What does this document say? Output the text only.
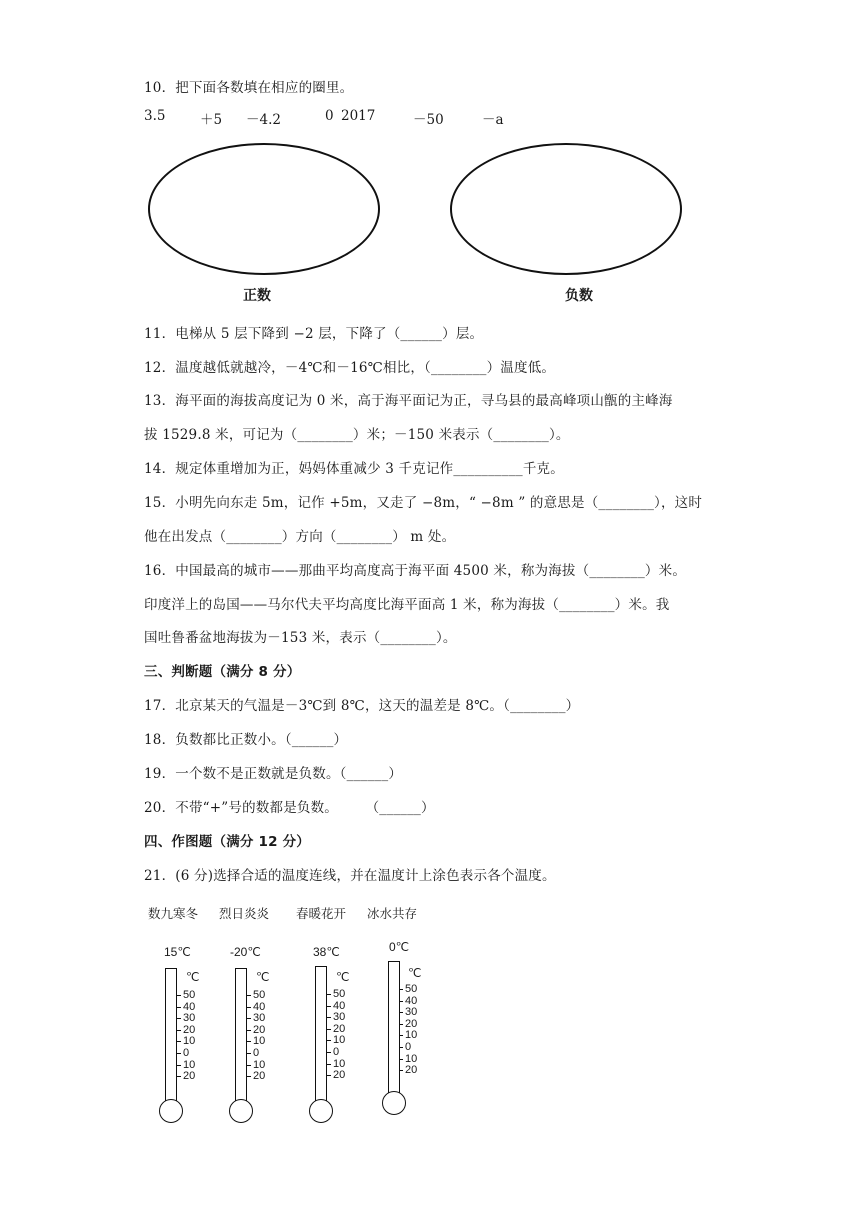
10．把下面各数填在相应的圈里。
3.5	＋5 －4.2	0 2017	－50	－a
正数	负数
11．电梯从 5 层下降到 −2 层，下降了（______）层。
12．温度越低就越冷，－4℃和－16℃相比，（________）温度低。
13．海平面的海拔高度记为 0 米，高于海平面记为正，寻乌县的最高峰项山甑的主峰海
拔 1529.8 米，可记为（________）米；－150 米表示（________）。
14．规定体重增加为正，妈妈体重减少 3 千克记作__________千克。
15．小明先向东走 5m，记作 +5m，又走了 −8m，“ −8m ” 的意思是（________），这时
他在出发点（________）方向（________） m 处。
16．中国最高的城市——那曲平均高度高于海平面 4500 米，称为海拔（________）米。
印度洋上的岛国——马尔代夫平均高度比海平面高 1 米，称为海拔（________）米。我
国吐鲁番盆地海拔为－153 米，表示（________）。
三、判断题（满分 8 分）
17．北京某天的气温是－3℃到 8℃，这天的温差是 8℃。（________）
18．负数都比正数小。（______）
19．一个数不是正数就是负数。（______）
20．不带“+”号的数都是负数。　　　（______）
四、作图题（满分 12 分）
21．(6 分)选择合适的温度连线，并在温度计上涂色表示各个温度。
数九寒冬 烈日炎炎 春暖花开 冰水共存
15℃
℃
50
40
30
20
10
0
10
20
-20℃
℃
50
40
30
20
10
0
10
20
38℃
℃
50
40
30
20
10
0
10
20
0℃
℃
50
40
30
20
10
0
10
20
